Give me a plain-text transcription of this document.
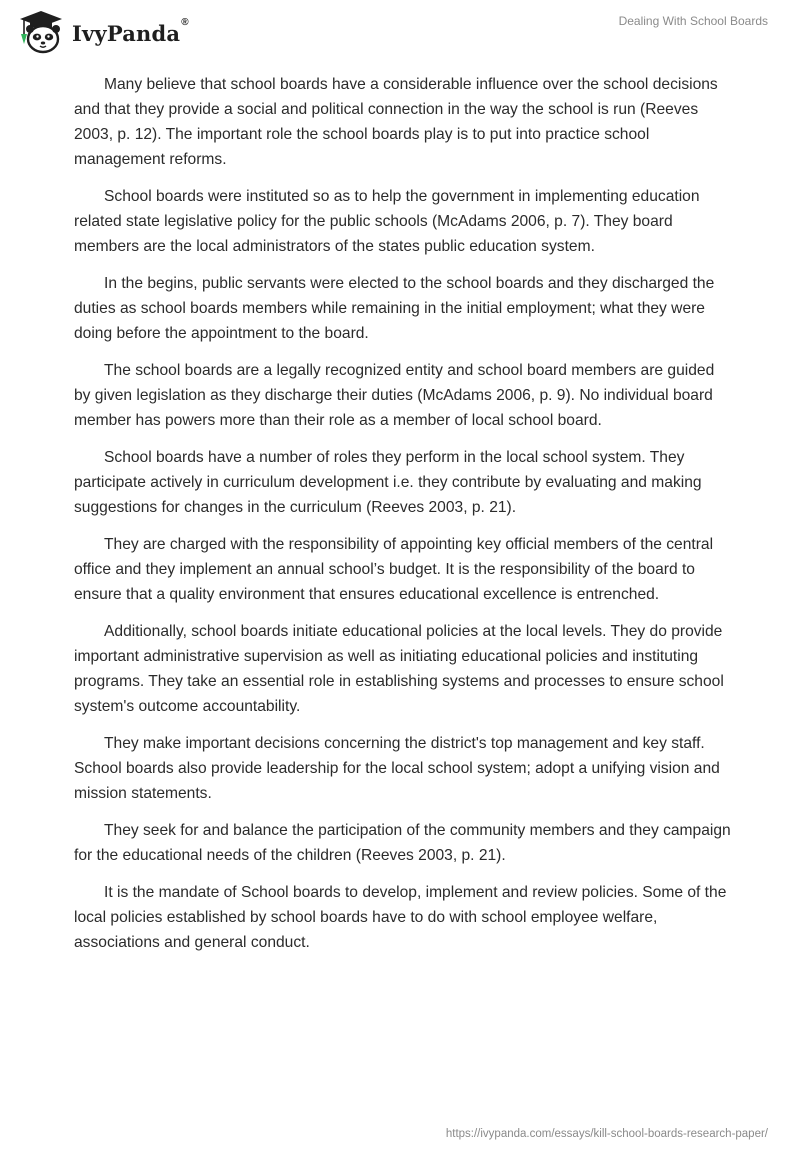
IvyPanda®	Dealing With School Boards

Many believe that school boards have a considerable influence over the school decisions and that they provide a social and political connection in the way the school is run (Reeves 2003, p. 12). The important role the school boards play is to put into practice school management reforms.

School boards were instituted so as to help the government in implementing education related state legislative policy for the public schools (McAdams 2006, p. 7). They board members are the local administrators of the states public education system.

In the begins, public servants were elected to the school boards and they discharged the duties as school boards members while remaining in the initial employment; what they were doing before the appointment to the board.

The school boards are a legally recognized entity and school board members are guided by given legislation as they discharge their duties (McAdams 2006, p. 9). No individual board member has powers more than their role as a member of local school board.

School boards have a number of roles they perform in the local school system. They participate actively in curriculum development i.e. they contribute by evaluating and making suggestions for changes in the curriculum (Reeves 2003, p. 21).

They are charged with the responsibility of appointing key official members of the central office and they implement an annual school’s budget. It is the responsibility of the board to ensure that a quality environment that ensures educational excellence is entrenched.

Additionally, school boards initiate educational policies at the local levels. They do provide important administrative supervision as well as initiating educational policies and instituting programs. They take an essential role in establishing systems and processes to ensure school system's outcome accountability.

They make important decisions concerning the district's top management and key staff. School boards also provide leadership for the local school system; adopt a unifying vision and mission statements.

They seek for and balance the participation of the community members and they campaign for the educational needs of the children (Reeves 2003, p. 21).

It is the mandate of School boards to develop, implement and review policies. Some of the local policies established by school boards have to do with school employee welfare, associations and general conduct.

https://ivypanda.com/essays/kill-school-boards-research-paper/
